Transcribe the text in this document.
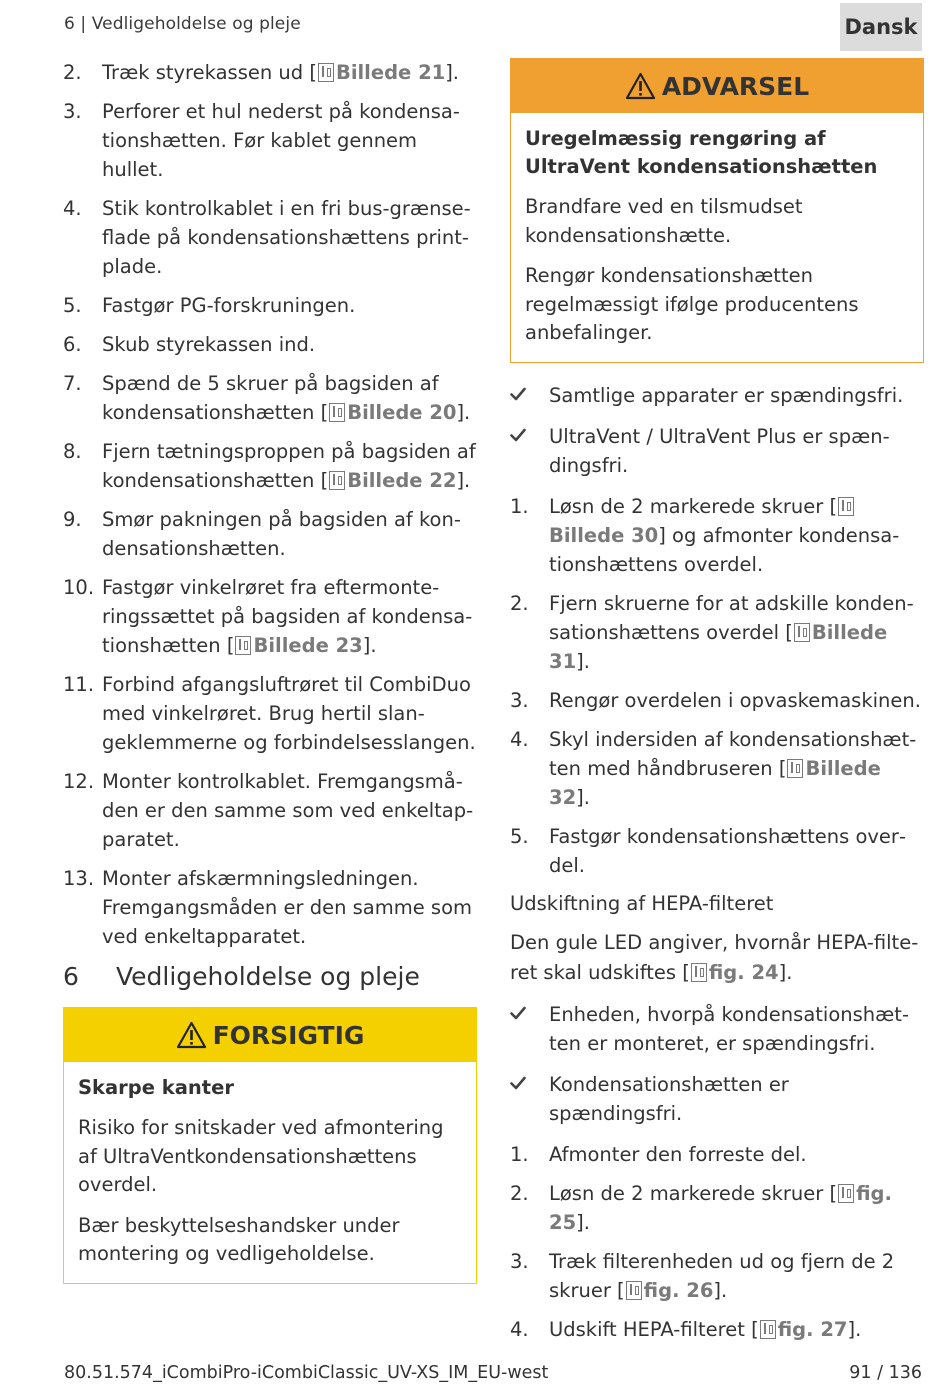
6 | Vedligeholdelse og pleje	Dansk
2.	Træk styrekassen ud [ Billede 21].
3.	Perforer et hul nederst på kondensationshætten. Før kablet gennem hullet.
4.	Stik kontrolkablet i en fri bus-grænseflade på kondensationshættens printplade.
5.	Fastgør PG-forskruningen.
6.	Skub styrekassen ind.
7.	Spænd de 5 skruer på bagsiden af kondensationshætten [ Billede 20].
8.	Fjern tætningsproppen på bagsiden af kondensationshætten [ Billede 22].
9.	Smør pakningen på bagsiden af kondensationshætten.
10. Fastgør vinkelrøret fra eftermonteringssættet på bagsiden af kondensationshætten [ Billede 23].
11. Forbind afgangsluftrøret til CombiDuo med vinkelrøret. Brug hertil slangeklemmerne og forbindelsesslangen.
12. Monter kontrolkablet. Fremgangsmåden er den samme som ved enkeltapparatet.
13. Monter afskærmningsledningen. Fremgangsmåden er den samme som ved enkeltapparatet.
6	Vedligeholdelse og pleje
FORSIGTIG
Skarpe kanter

Risiko for snitskader ved afmontering af UltraVentkondensationshættens overdel.

Bær beskyttelseshandsker under montering og vedligeholdelse.

ADVARSEL
Uregelmæssig rengøring af UltraVent kondensationshætten

Brandfare ved en tilsmudset kondensationshætte.

Rengør kondensationshætten regelmæssigt ifølge producentens anbefalinger.

Samtlige apparater er spændingsfri.
UltraVent / UltraVent Plus er spændingsfri.
1.	Løsn de 2 markerede skruer [Billede 30] og afmonter kondensationshættens overdel.
2.	Fjern skruerne for at adskille kondensationshættens overdel [ Billede 31].
3.	Rengør overdelen i opvaskemaskinen.
4.	Skyl indersiden af kondensationshætten med håndbruseren [ Billede 32].
5.	Fastgør kondensationshættens overdel.
Udskiftning af HEPA-filteret
Den gule LED angiver, hvornår HEPA-filteret skal udskiftes [ fig. 24].
Enheden, hvorpå kondensationshætten er monteret, er spændingsfri.
Kondensationshætten er spændingsfri.
1.	Afmonter den forreste del.
2.	Løsn de 2 markerede skruer [ fig. 25].
3.	Træk filterenheden ud og fjern de 2 skruer [ fig. 26].
4.	Udskift HEPA-filteret [ fig. 27].
80.51.574_iCombiPro-iCombiClassic_UV-XS_IM_EU-west	91 / 136
